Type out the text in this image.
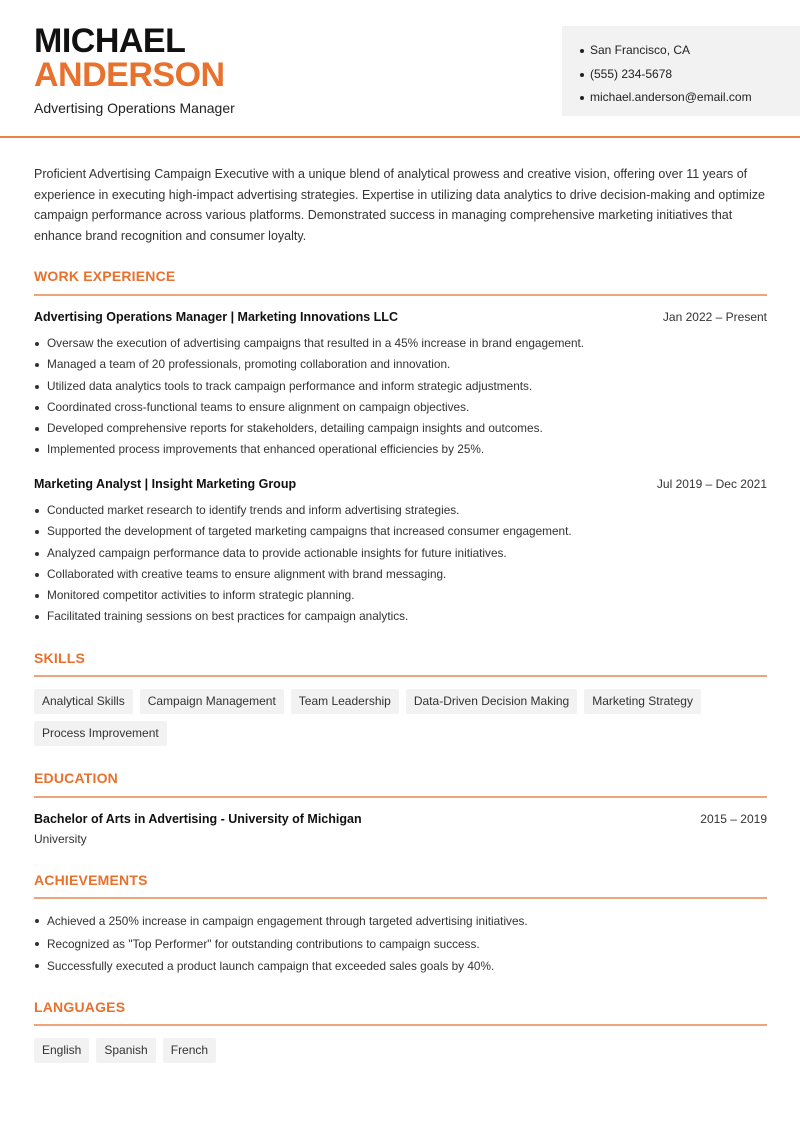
MICHAEL
ANDERSON
Advertising Operations Manager
San Francisco, CA
(555) 234-5678
michael.anderson@email.com

Proficient Advertising Campaign Executive with a unique blend of analytical prowess and creative vision, offering over 11 years of experience in executing high-impact advertising strategies. Expertise in utilizing data analytics to drive decision-making and optimize campaign performance across various platforms. Demonstrated success in managing comprehensive marketing initiatives that enhance brand recognition and consumer loyalty.

WORK EXPERIENCE
Advertising Operations Manager | Marketing Innovations LLC	Jan 2022 – Present
Oversaw the execution of advertising campaigns that resulted in a 45% increase in brand engagement.
Managed a team of 20 professionals, promoting collaboration and innovation.
Utilized data analytics tools to track campaign performance and inform strategic adjustments.
Coordinated cross-functional teams to ensure alignment on campaign objectives.
Developed comprehensive reports for stakeholders, detailing campaign insights and outcomes.
Implemented process improvements that enhanced operational efficiencies by 25%.
Marketing Analyst | Insight Marketing Group	Jul 2019 – Dec 2021
Conducted market research to identify trends and inform advertising strategies.
Supported the development of targeted marketing campaigns that increased consumer engagement.
Analyzed campaign performance data to provide actionable insights for future initiatives.
Collaborated with creative teams to ensure alignment with brand messaging.
Monitored competitor activities to inform strategic planning.
Facilitated training sessions on best practices for campaign analytics.
SKILLS
Analytical Skills	Campaign Management	Team Leadership	Data-Driven Decision Making	Marketing Strategy
Process Improvement
EDUCATION
Bachelor of Arts in Advertising - University of Michigan	2015 – 2019
University
ACHIEVEMENTS
Achieved a 250% increase in campaign engagement through targeted advertising initiatives.
Recognized as "Top Performer" for outstanding contributions to campaign success.
Successfully executed a product launch campaign that exceeded sales goals by 40%.
LANGUAGES
English	Spanish	French
